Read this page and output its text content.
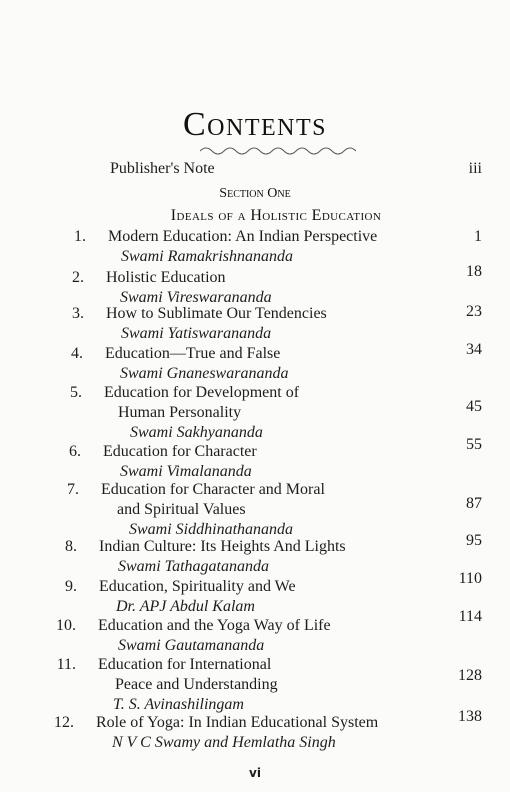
Contents
Publisher's Note	iii
Section One
Ideals of a Holistic Education
1. Modern Education: An Indian Perspective
Swami Ramakrishnananda
1
2. Holistic Education
Swami Vireswarananda
18
3. How to Sublimate Our Tendencies
Swami Yatiswarananda
23
4. Education—True and False
Swami Gnaneswarananda
34
5. Education for Development of
Human Personality
Swami Sakhyananda
45
6. Education for Character
Swami Vimalananda
55
7. Education for Character and Moral
and Spiritual Values
Swami Siddhinathananda
87
8. Indian Culture: Its Heights And Lights
Swami Tathagatananda
95
9. Education, Spirituality and We
Dr. APJ Abdul Kalam
110
10. Education and the Yoga Way of Life
Swami Gautamananda
114
11. Education for International
Peace and Understanding
T. S. Avinashilingam
128
12. Role of Yoga: In Indian Educational System
N V C Swamy and Hemlatha Singh
138
vi
